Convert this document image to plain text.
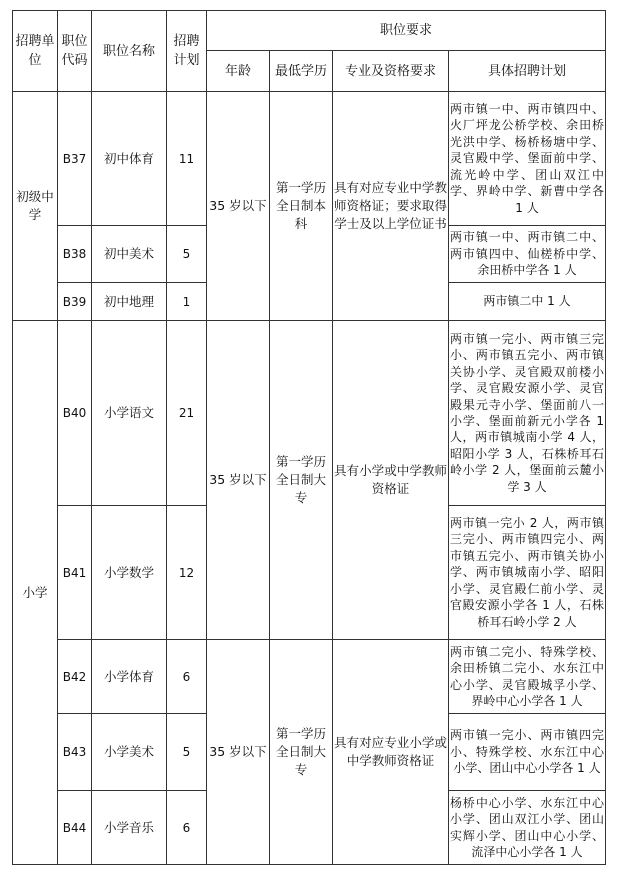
招聘单位	职位代码	职位名称	招聘计划	职位要求			
				年龄	最低学历	专业及资格要求	具体招聘计划
初级中学	B37	初中体育	11	35 岁以下	第一学历全日制本科	具有对应专业中学教师资格证；要求取得学士及以上学位证书	两市镇一中、两市镇四中、火厂坪龙公桥学校、余田桥光洪中学、杨桥杨塘中学、灵官殿中学、堡面前中学、流光岭中学、团山双江中学、界岭中学、新曹中学各 1 人
	B38	初中美术	5				两市镇一中、两市镇二中、两市镇四中、仙槎桥中学、余田桥中学各 1 人
	B39	初中地理	1				两市镇二中 1 人
小学	B40	小学语文	21	35 岁以下	第一学历全日制大专	具有小学或中学教师资格证	两市镇一完小、两市镇三完小、两市镇五完小、两市镇关协小学、灵官殿双前楼小学、灵官殿安源小学、灵官殿果元寺小学、堡面前八一小学、堡面前新元小学各 1 人，两市镇城南小学 4 人，昭阳小学 3 人，石株桥耳石岭小学 2 人，堡面前云麓小学 3 人
	B41	小学数学	12				两市镇一完小 2 人，两市镇三完小、两市镇四完小、两市镇五完小、两市镇关协小学、两市镇城南小学、昭阳小学、灵官殿仁前小学、灵官殿安源小学各 1 人，石株桥耳石岭小学 2 人
	B42	小学体育	6	35 岁以下	第一学历全日制大专	具有对应专业小学或中学教师资格证	两市镇二完小、特殊学校、余田桥镇二完小、水东江中心小学、灵官殿城孚小学、界岭中心小学各 1 人
	B43	小学美术	5				两市镇一完小、两市镇四完小、特殊学校、水东江中心小学、团山中心小学各 1 人
	B44	小学音乐	6				杨桥中心小学、水东江中心小学、团山双江小学、团山实辉小学、团山中心小学、流泽中心小学各 1 人
